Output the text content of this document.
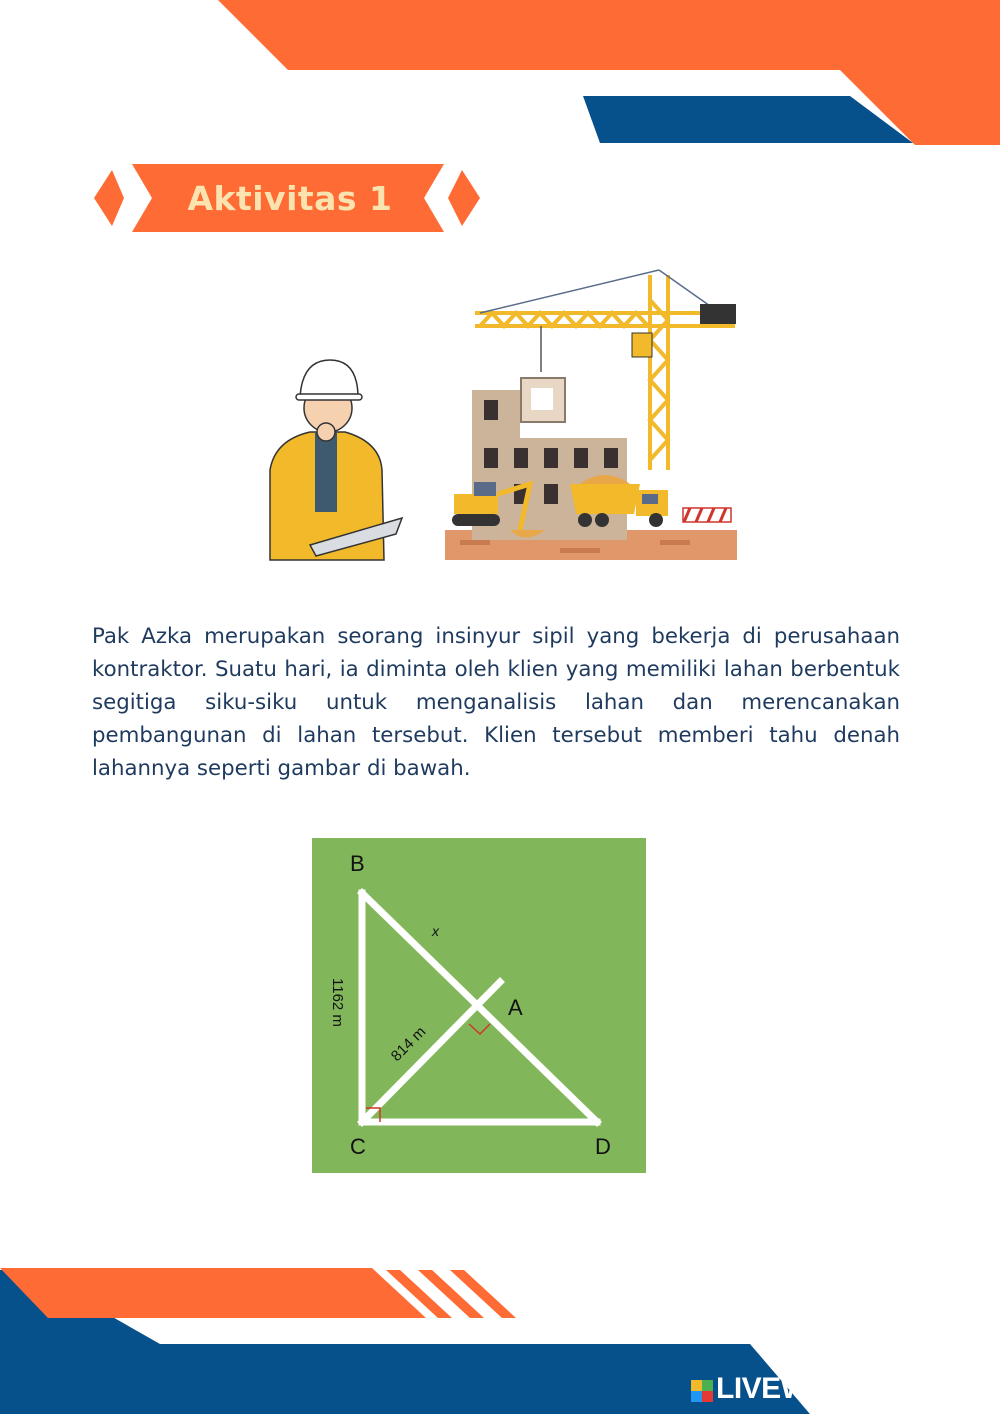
Aktivitas 1

Pak Azka merupakan seorang insinyur sipil yang bekerja di perusahaan kontraktor. Suatu hari, ia diminta oleh klien yang memiliki lahan berbentuk segitiga siku-siku untuk menganalisis lahan dan merencanakan pembangunan di lahan tersebut. Klien tersebut memberi tahu denah lahannya seperti gambar di bawah.

B
A
C	D
1162 m
814 m
x
LIVEWORKSHEETS
